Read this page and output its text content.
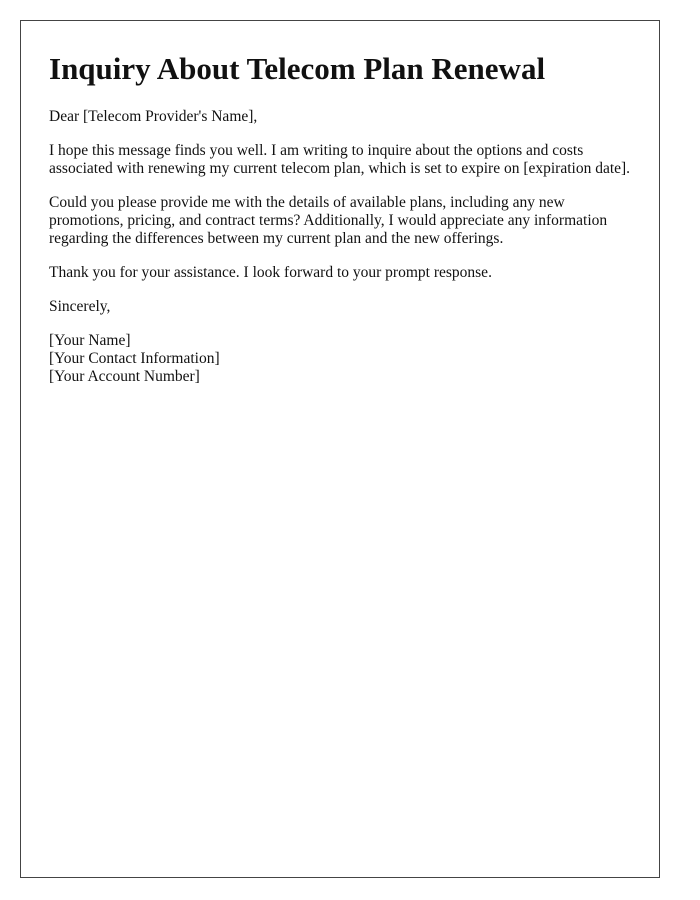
Inquiry About Telecom Plan Renewal

Dear [Telecom Provider's Name],

I hope this message finds you well. I am writing to inquire about the options and costs associated with renewing my current telecom plan, which is set to expire on [expiration date].

Could you please provide me with the details of available plans, including any new promotions, pricing, and contract terms? Additionally, I would appreciate any information regarding the differences between my current plan and the new offerings.

Thank you for your assistance. I look forward to your prompt response.

Sincerely,

[Your Name]
[Your Contact Information]
[Your Account Number]
